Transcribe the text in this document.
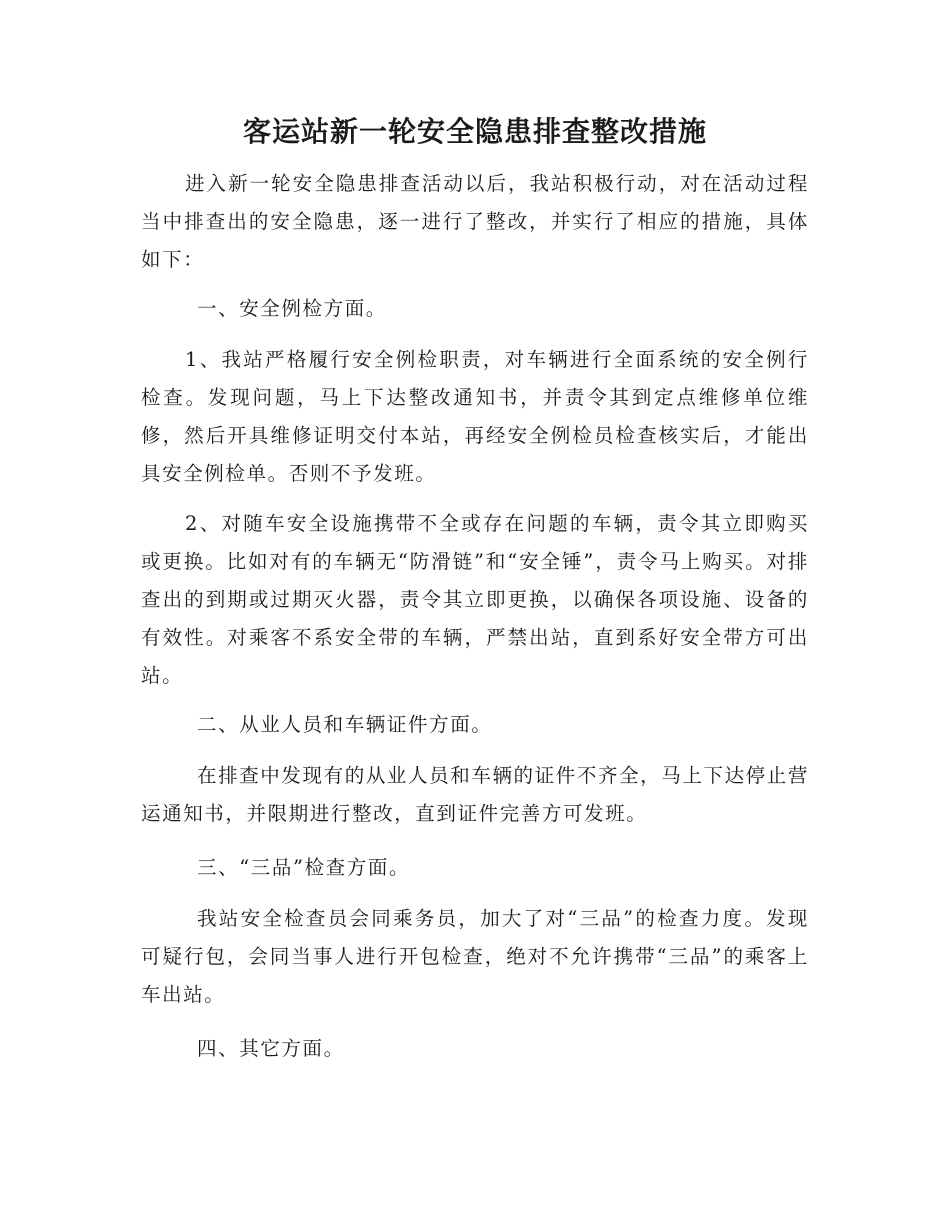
客运站新一轮安全隐患排查整改措施
进入新一轮安全隐患排查活动以后，我站积极行动，对在活动过程当中排查出的安全隐患，逐一进行了整改，并实行了相应的措施，具体如下：
一、安全例检方面。
1、我站严格履行安全例检职责，对车辆进行全面系统的安全例行检查。发现问题，马上下达整改通知书，并责令其到定点维修单位维修，然后开具维修证明交付本站，再经安全例检员检查核实后，才能出具安全例检单。否则不予发班。
2、对随车安全设施携带不全或存在问题的车辆，责令其立即购买或更换。比如对有的车辆无“防滑链”和“安全锤”，责令马上购买。对排查出的到期或过期灭火器，责令其立即更换，以确保各项设施、设备的有效性。对乘客不系安全带的车辆，严禁出站，直到系好安全带方可出站。
二、从业人员和车辆证件方面。
在排查中发现有的从业人员和车辆的证件不齐全，马上下达停止营运通知书，并限期进行整改，直到证件完善方可发班。
三、“三品”检查方面。
我站安全检查员会同乘务员，加大了对“三品”的检查力度。发现可疑行包，会同当事人进行开包检查，绝对不允许携带“三品”的乘客上车出站。
四、其它方面。
